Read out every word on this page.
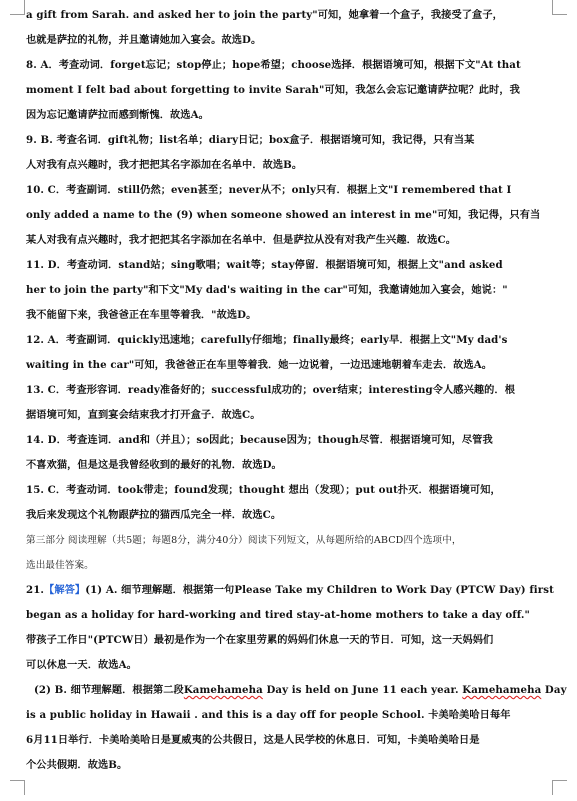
a gift from Sarah. and asked her to join the party"可知，她拿着一个盒子，我接受了盒子，
也就是萨拉的礼物，并且邀请她加入宴会。故选D。
8. A．考查动词．forget忘记；stop停止；hope希望；choose选择．根据语境可知，根据下文"At that
moment I felt bad about forgetting to invite Sarah"可知，我怎么会忘记邀请萨拉呢？此时，我
因为忘记邀请萨拉而感到惭愧．故选A。
9. B. 考查名词．gift礼物；list名单；diary日记；box盒子．根据语境可知，我记得，只有当某
人对我有点兴趣时，我才把把其名字添加在名单中．故选B。
10. C．考查副词．still仍然；even甚至；never从不；only只有．根据上文"I remembered that I
only added a name to the (9) when someone showed an interest in me"可知，我记得，只有当
某人对我有点兴趣时，我才把把其名字添加在名单中．但是萨拉从没有对我产生兴趣．故选C。
11. D．考查动词．stand站；sing歌唱；wait等；stay停留．根据语境可知，根据上文"and asked
her to join the party"和下文"My dad's waiting in the car"可知，我邀请她加入宴会，她说："
我不能留下来，我爸爸正在车里等着我．"故选D。
12. A．考查副词．quickly迅速地；carefully仔细地；finally最终；early早．根据上文"My dad's
waiting in the car"可知，我爸爸正在车里等着我．她一边说着，一边迅速地朝着车走去．故选A。
13. C．考查形容词．ready准备好的；successful成功的；over结束；interesting令人感兴趣的．根
据语境可知，直到宴会结束我才打开盒子．故选C。
14. D．考查连词．and和（并且）；so因此；because因为；though尽管．根据语境可知，尽管我
不喜欢猫，但是这是我曾经收到的最好的礼物．故选D。
15. C．考查动词．took带走；found发现；thought 想出（发现）；put out扑灭．根据语境可知，
我后来发现这个礼物跟萨拉的猫西瓜完全一样．故选C。
第三部分 阅读理解（共5题；每题8分，满分40分）阅读下列短文，从每题所给的ABCD四个选项中，
选出最佳答案。
21.【解答】(1) A. 细节理解题．根据第一句Please Take my Children to Work Day (PTCW Day) first
began as a holiday for hard-working and tired stay-at-home mothers to take a day off."
带孩子工作日"(PTCW日）最初是作为一个在家里劳累的妈妈们休息一天的节日．可知，这一天妈妈们
可以休息一天．故选A。
(2) B. 细节理解题．根据第二段Kamehameha Day is held on June 11 each year. Kamehameha Day
is a public holiday in Hawaii . and this is a day off for people School. 卡美哈美哈日每年
6月11日举行．卡美哈美哈日是夏威夷的公共假日，这是人民学校的休息日．可知，卡美哈美哈日是
个公共假期．故选B。
